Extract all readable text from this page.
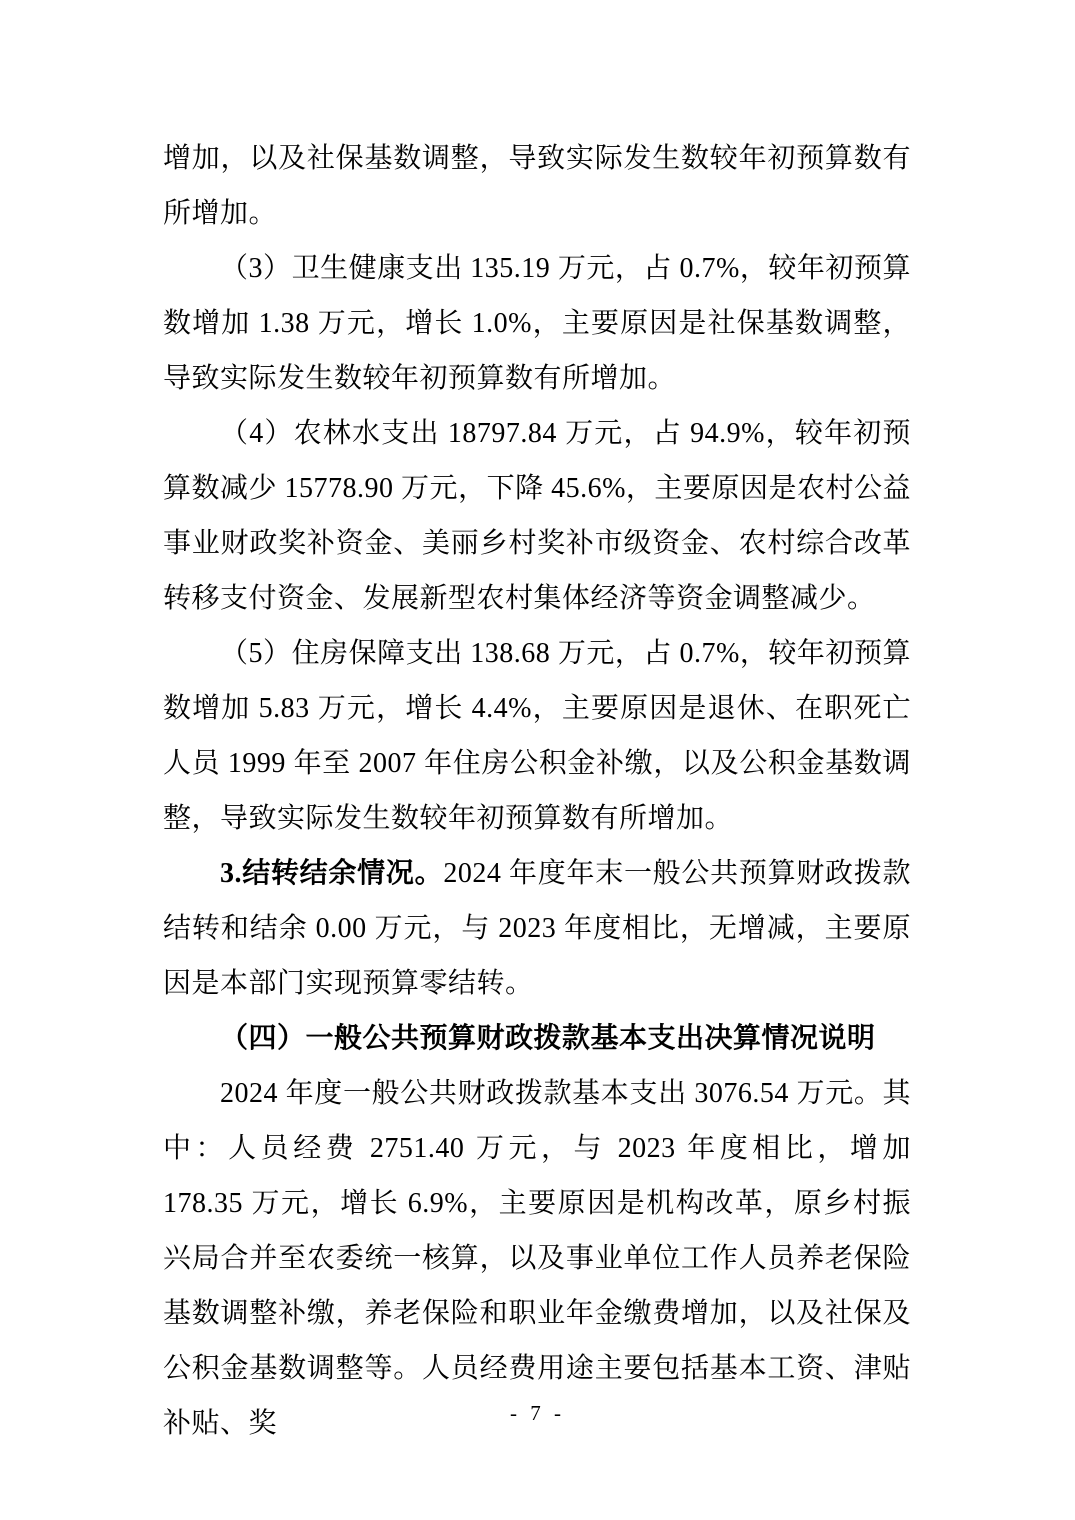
增加，以及社保基数调整，导致实际发生数较年初预算数有所增加。

（3）卫生健康支出 135.19 万元，占 0.7%，较年初预算数增加 1.38 万元，增长 1.0%，主要原因是社保基数调整，导致实际发生数较年初预算数有所增加。

（4）农林水支出 18797.84 万元，占 94.9%，较年初预算数减少 15778.90 万元，下降 45.6%，主要原因是农村公益事业财政奖补资金、美丽乡村奖补市级资金、农村综合改革转移支付资金、发展新型农村集体经济等资金调整减少。

（5）住房保障支出 138.68 万元，占 0.7%，较年初预算数增加 5.83 万元，增长 4.4%，主要原因是退休、在职死亡人员 1999 年至 2007 年住房公积金补缴，以及公积金基数调整，导致实际发生数较年初预算数有所增加。

3.结转结余情况。2024 年度年末一般公共预算财政拨款结转和结余 0.00 万元，与 2023 年度相比，无增减，主要原因是本部门实现预算零结转。

（四）一般公共预算财政拨款基本支出决算情况说明

2024 年度一般公共财政拨款基本支出 3076.54 万元。其中：人员经费 2751.40 万元，与 2023 年度相比，增加 178.35 万元，增长 6.9%，主要原因是机构改革，原乡村振兴局合并至农委统一核算，以及事业单位工作人员养老保险基数调整补缴，养老保险和职业年金缴费增加，以及社保及公积金基数调整等。人员经费用途主要包括基本工资、津贴补贴、奖	- 7 -
